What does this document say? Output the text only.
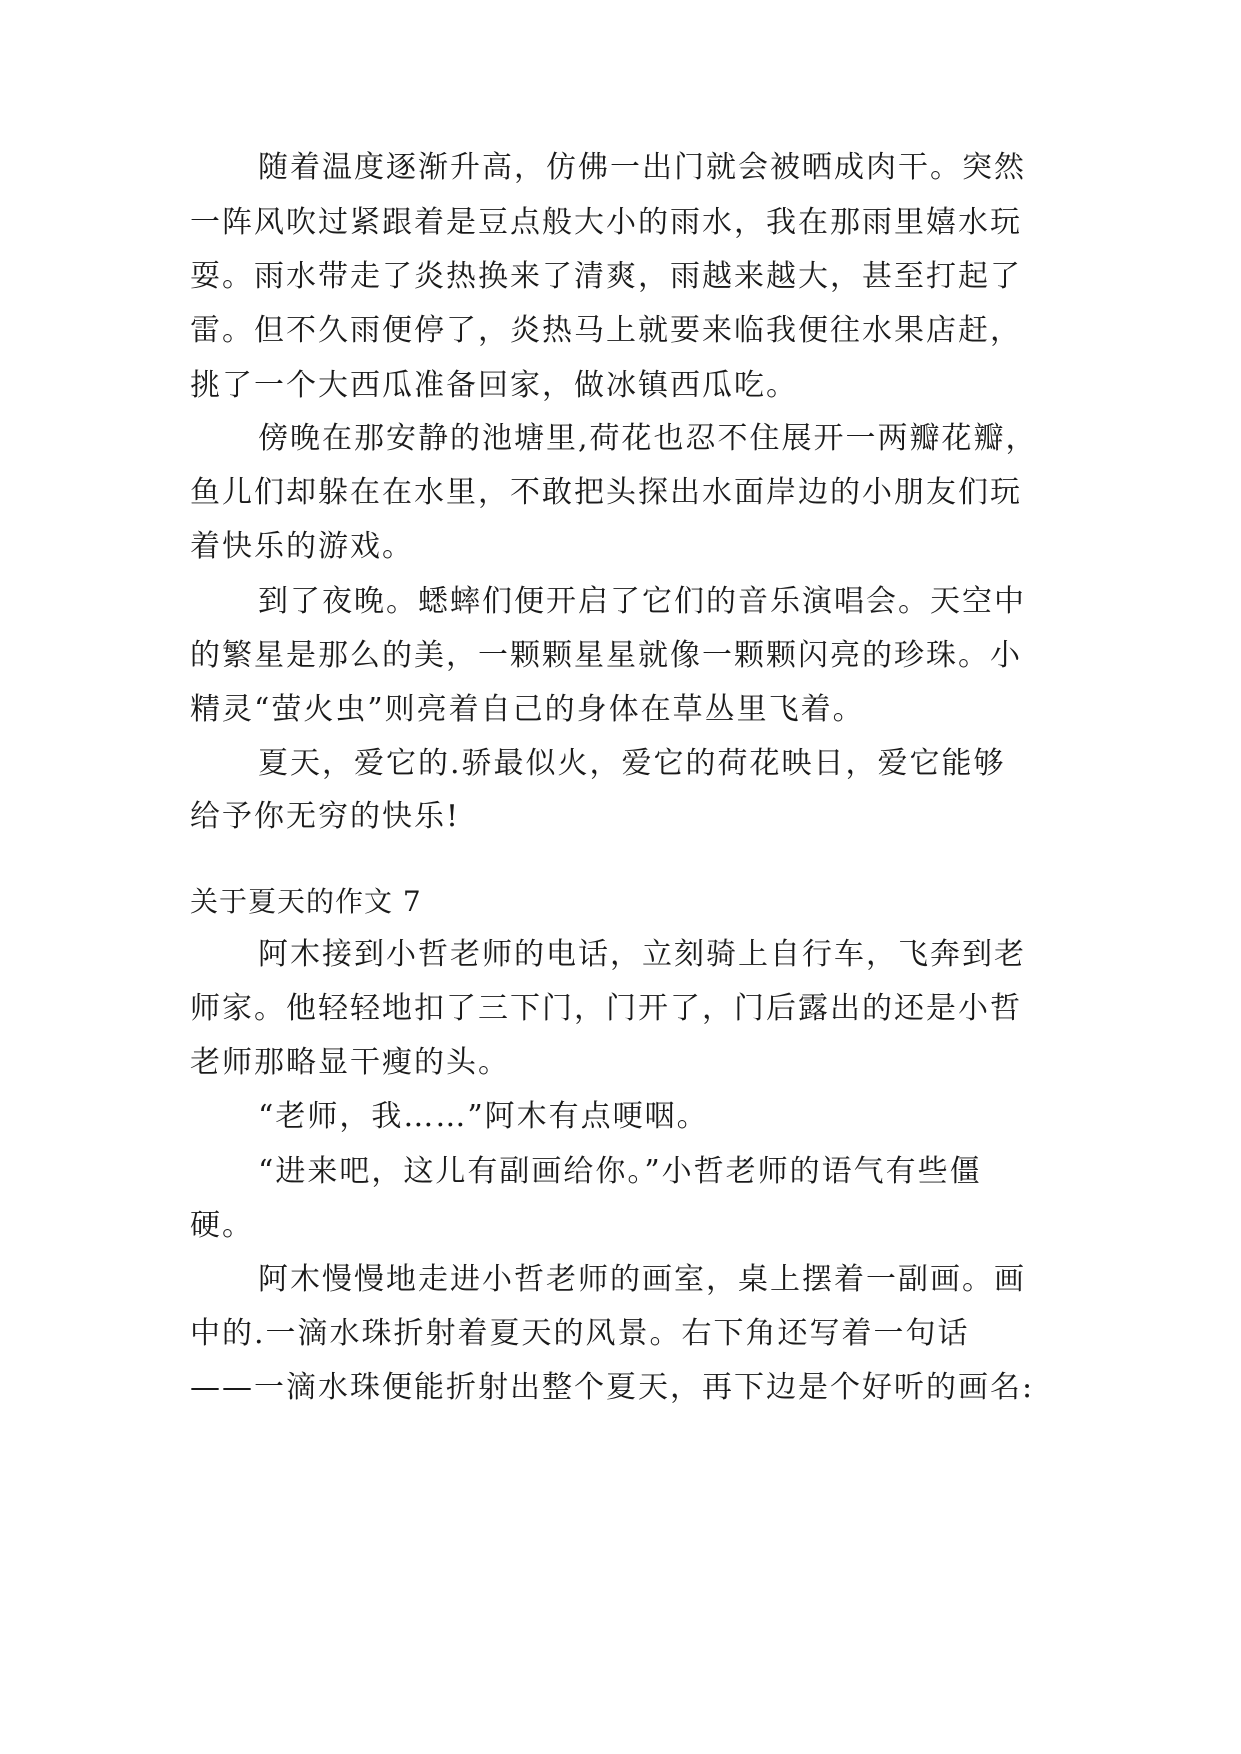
随着温度逐渐升高，仿佛一出门就会被晒成肉干。突然
一阵风吹过紧跟着是豆点般大小的雨水，我在那雨里嬉水玩
耍。雨水带走了炎热换来了清爽，雨越来越大，甚至打起了
雷。但不久雨便停了，炎热马上就要来临我便往水果店赶，
挑了一个大西瓜准备回家，做冰镇西瓜吃。
傍晚在那安静的池塘里,荷花也忍不住展开一两瓣花瓣，
鱼儿们却躲在在水里，不敢把头探出水面岸边的小朋友们玩
着快乐的游戏。
到了夜晚。蟋蟀们便开启了它们的音乐演唱会。天空中
的繁星是那么的美，一颗颗星星就像一颗颗闪亮的珍珠。小
精灵“萤火虫”则亮着自己的身体在草丛里飞着。
夏天，爱它的.骄最似火，爱它的荷花映日，爱它能够
给予你无穷的快乐!
关于夏天的作文 7
阿木接到小哲老师的电话，立刻骑上自行车，飞奔到老
师家。他轻轻地扣了三下门，门开了，门后露出的还是小哲
老师那略显干瘦的头。
“老师，我……”阿木有点哽咽。
“进来吧，这儿有副画给你。”小哲老师的语气有些僵
硬。
阿木慢慢地走进小哲老师的画室，桌上摆着一副画。画
中的.一滴水珠折射着夏天的风景。右下角还写着一句话
——一滴水珠便能折射出整个夏天，再下边是个好听的画名:
